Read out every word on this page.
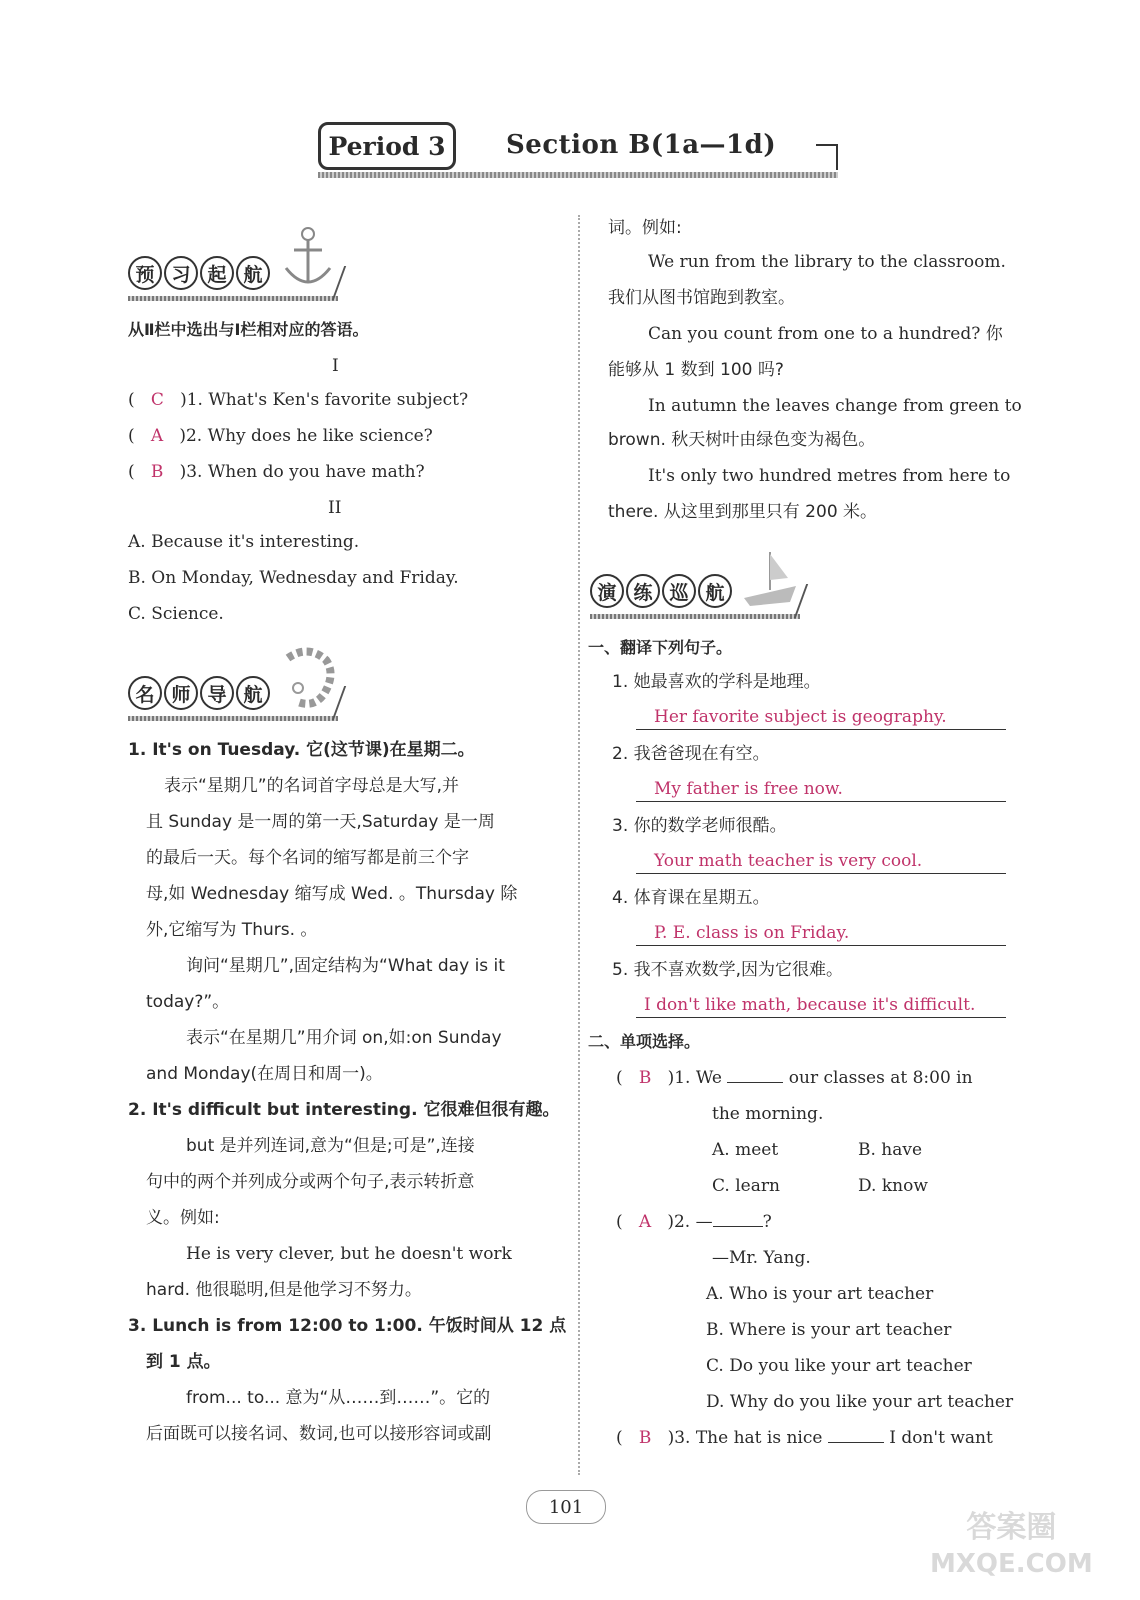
Period 3	Section B(1a—1d)
预 习 起 航
从Ⅱ栏中选出与Ⅰ栏相对应的答语。
I
(   C )1. What's Ken's favorite subject?
(   A )2. Why does he like science?
(   B )3. When do you have math?
II
A. Because it's interesting.
B. On Monday, Wednesday and Friday.
C. Science.
名 师 导 航
1. It's on Tuesday. 它(这节课)在星期二。
表示“星期几”的名词首字母总是大写,并
且 Sunday 是一周的第一天,Saturday 是一周
的最后一天。每个名词的缩写都是前三个字
母,如 Wednesday 缩写成 Wed. 。Thursday 除
外,它缩写为 Thurs. 。
询问“星期几”,固定结构为“What day is it
today?”。
表示“在星期几”用介词 on,如:on Sunday
and Monday(在周日和周一)。
2. It's difficult but interesting. 它很难但很有趣。
but 是并列连词,意为“但是;可是”,连接
句中的两个并列成分或两个句子,表示转折意
义。例如:
He is very clever, but he doesn't work
hard. 他很聪明,但是他学习不努力。
3. Lunch is from 12:00 to 1:00. 午饭时间从 12 点
到 1 点。
from... to... 意为“从……到……”。它的
后面既可以接名词、数词,也可以接形容词或副
词。例如:
We run from the library to the classroom.
我们从图书馆跑到教室。
Can you count from one to a hundred? 你
能够从 1 数到 100 吗?
In autumn the leaves change from green to
brown. 秋天树叶由绿色变为褐色。
It's only two hundred metres from here to
there. 从这里到那里只有 200 米。
演 练 巡 航
一、翻译下列句子。
1. 她最喜欢的学科是地理。
Her favorite subject is geography.
2. 我爸爸现在有空。
My father is free now.
3. 你的数学老师很酷。
Your math teacher is very cool.
4. 体育课在星期五。
P. E. class is on Friday.
5. 我不喜欢数学,因为它很难。
I don't like math, because it's difficult.
二、单项选择。
(   B )1. We	our classes at 8:00 in
the morning.
A. meet	B. have
C. learn	D. know
(   A )2. —	?
—Mr. Yang.
A. Who is your art teacher
B. Where is your art teacher
C. Do you like your art teacher
D. Why do you like your art teacher
(   B )3. The hat is nice	I don't want
101
答案圈
MXQE.COM
